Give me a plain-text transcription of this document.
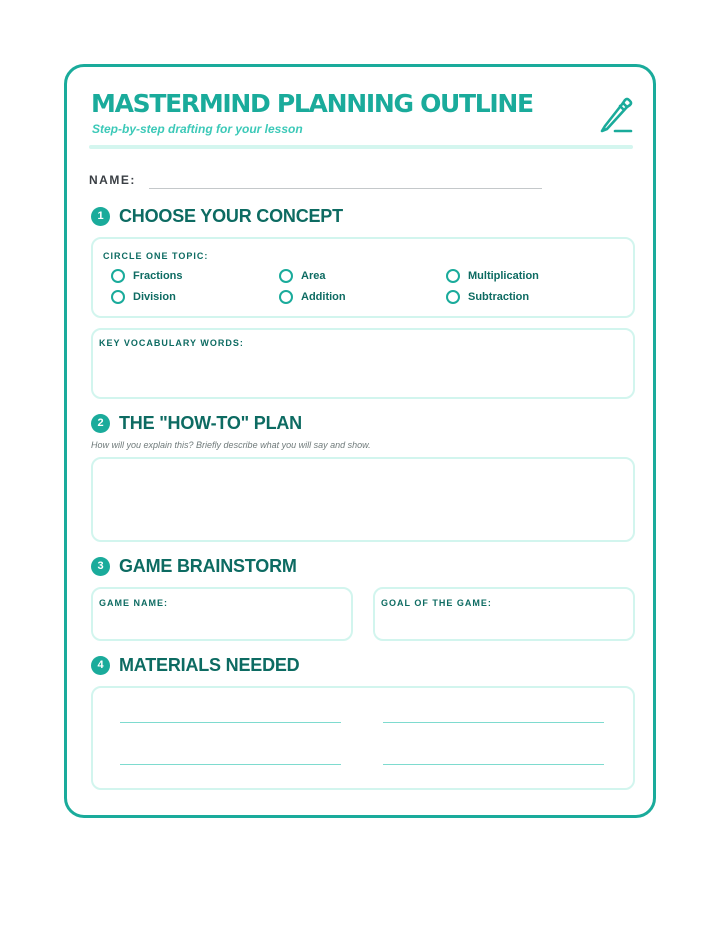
MASTERMIND PLANNING OUTLINE
Step-by-step drafting for your lesson
NAME:
1 CHOOSE YOUR CONCEPT
CIRCLE ONE TOPIC:
Fractions	Area	Multiplication
Division	Addition	Subtraction
KEY VOCABULARY WORDS:
2 THE "HOW-TO" PLAN
How will you explain this? Briefly describe what you will say and show.
3 GAME BRAINSTORM
GAME NAME:	GOAL OF THE GAME:
4 MATERIALS NEEDED
